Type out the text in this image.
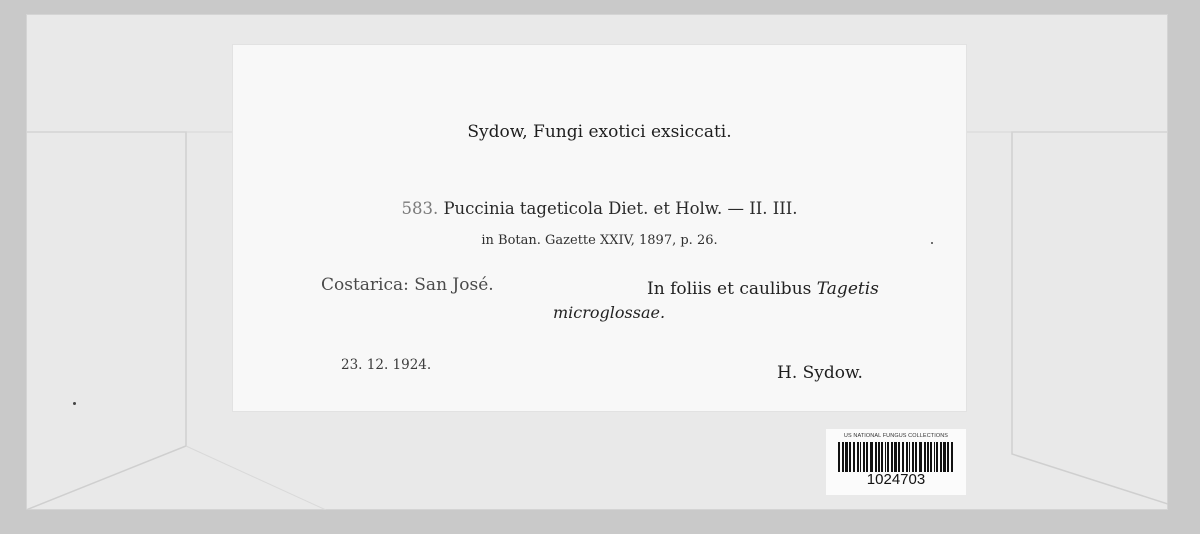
Sydow, Fungi exotici exsiccati.
583. Puccinia tageticola Diet. et Holw. — II. III.
in Botan. Gazette XXIV, 1897, p. 26.
Costarica: San José.	In foliis et caulibus Tagetis
microglossae.
23. 12. 1924.	H. Sydow.
US NATIONAL FUNGUS COLLECTIONS
1024703
